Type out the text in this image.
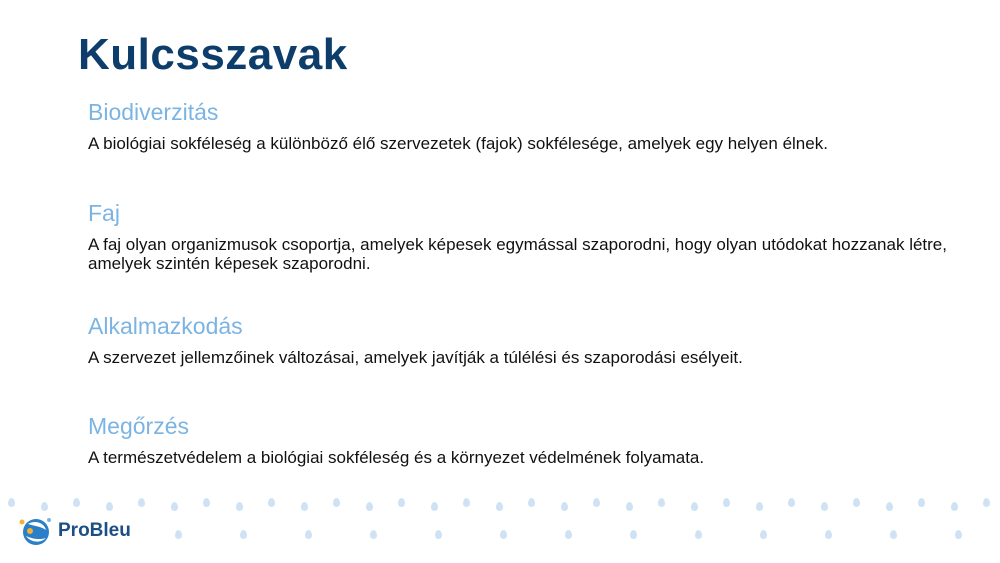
Kulcsszavak

Biodiverzitás

A biológiai sokféleség a különböző élő szervezetek (fajok) sokfélesége, amelyek egy helyen élnek.

Faj

A faj olyan organizmusok csoportja, amelyek képesek egymással szaporodni, hogy olyan utódokat hozzanak létre, amelyek szintén képesek szaporodni.

Alkalmazkodás

A szervezet jellemzőinek változásai, amelyek javítják a túlélési és szaporodási esélyeit.

Megőrzés

A természetvédelem a biológiai sokféleség és a környezet védelmének folyamata.

ProBleu
